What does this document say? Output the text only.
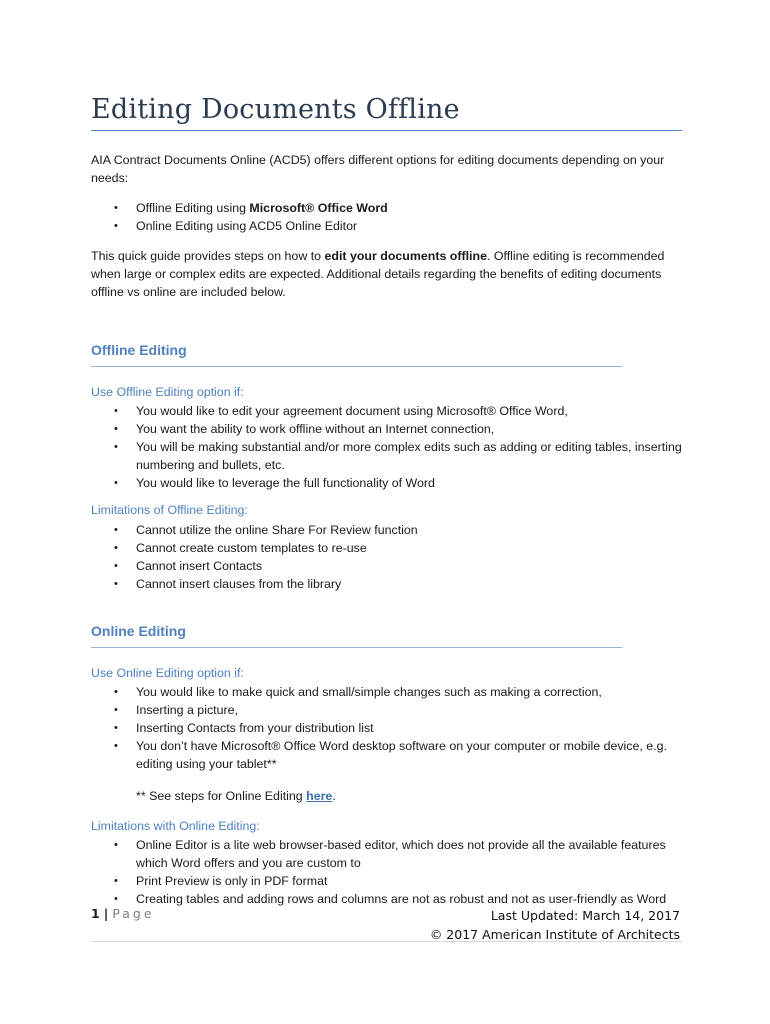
Editing Documents Offline

AIA Contract Documents Online (ACD5) offers different options for editing documents depending on your needs:

• Offline Editing using Microsoft® Office Word
• Online Editing using ACD5 Online Editor

This quick guide provides steps on how to edit your documents offline. Offline editing is recommended when large or complex edits are expected. Additional details regarding the benefits of editing documents offline vs online are included below.

Offline Editing

Use Offline Editing option if:

• You would like to edit your agreement document using Microsoft® Office Word,
• You want the ability to work offline without an Internet connection,
• You will be making substantial and/or more complex edits such as adding or editing tables, inserting numbering and bullets, etc.
• You would like to leverage the full functionality of Word

Limitations of Offline Editing:

• Cannot utilize the online Share For Review function
• Cannot create custom templates to re-use
• Cannot insert Contacts
• Cannot insert clauses from the library
Online Editing

Use Online Editing option if:

• You would like to make quick and small/simple changes such as making a correction,
• Inserting a picture,
• Inserting Contacts from your distribution list
• You don’t have Microsoft® Office Word desktop software on your computer or mobile device, e.g. editing using your tablet**

** See steps for Online Editing here.

Limitations with Online Editing:

• Online Editor is a lite web browser-based editor, which does not provide all the available features which Word offers and you are custom to
• Print Preview is only in PDF format
• Creating tables and adding rows and columns are not as robust and not as user-friendly as Word
1 | Page	Last Updated: March 14, 2017
© 2017 American Institute of Architects
